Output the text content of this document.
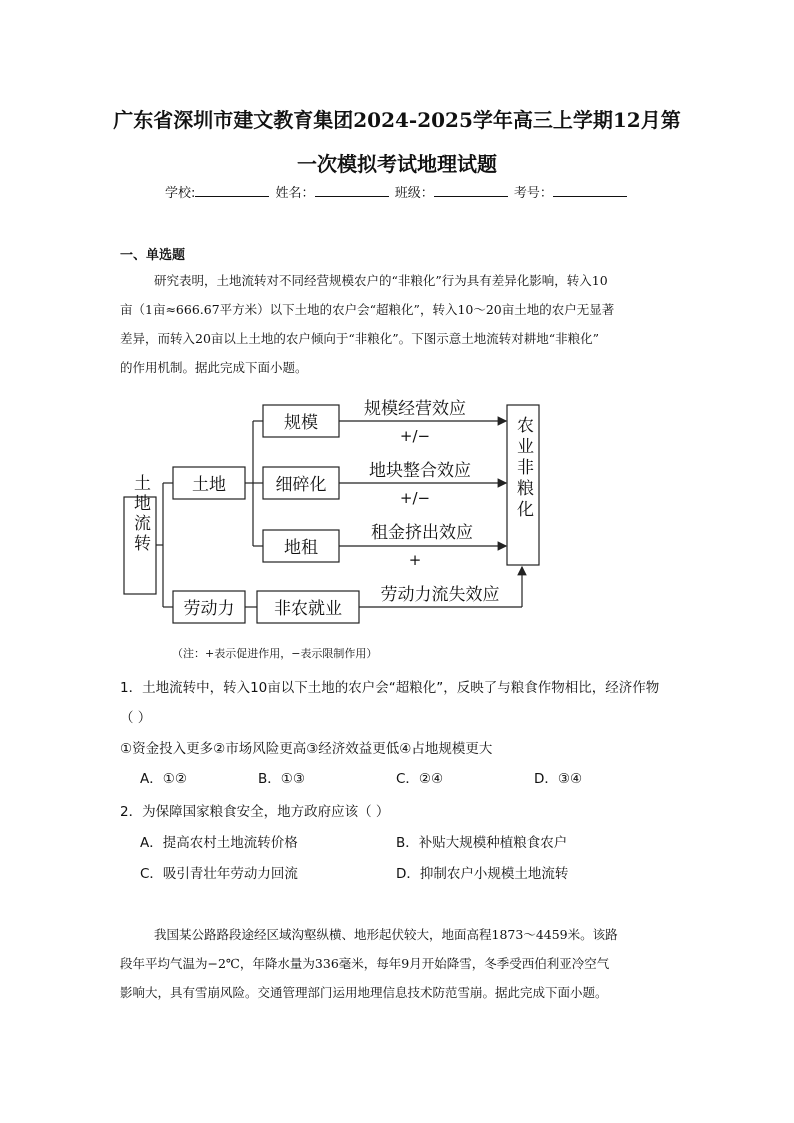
广东省深圳市建文教育集团2024-2025学年高三上学期12月第
一次模拟考试地理试题
学校:	姓名：	班级：	考号：
一、单选题
研究表明，土地流转对不同经营规模农户的“非粮化”行为具有差异化影响，转入10
亩（1亩≈666.67平方米）以下土地的农户会“超粮化”，转入10～20亩土地的农户无显著
差异，而转入20亩以上土地的农户倾向于“非粮化”。下图示意土地流转对耕地“非粮化”
的作用机制。据此完成下面小题。
土地流转 土地
劳动力
规模
细碎化
地租
非农就业
农业非粮化
规模经营效应
地块整合效应
租金挤出效应
劳动力流失效应
+/−
+/−
+
（注：+表示促进作用，−表示限制作用）
1．土地流转中，转入10亩以下土地的农户会“超粮化”，反映了与粮食作物相比，经济作物
（ ）
①资金投入更多②市场风险更高③经济效益更低④占地规模更大
A．①②	B．①③	C．②④	D．③④
2．为保障国家粮食安全，地方政府应该（ ）
A．提高农村土地流转价格	B．补贴大规模种植粮食农户
C．吸引青壮年劳动力回流	D．抑制农户小规模土地流转
我国某公路路段途经区域沟壑纵横、地形起伏较大，地面高程1873～4459米。该路
段年平均气温为−2℃，年降水量为336毫米，每年9月开始降雪，冬季受西伯利亚冷空气
影响大，具有雪崩风险。交通管理部门运用地理信息技术防范雪崩。据此完成下面小题。
